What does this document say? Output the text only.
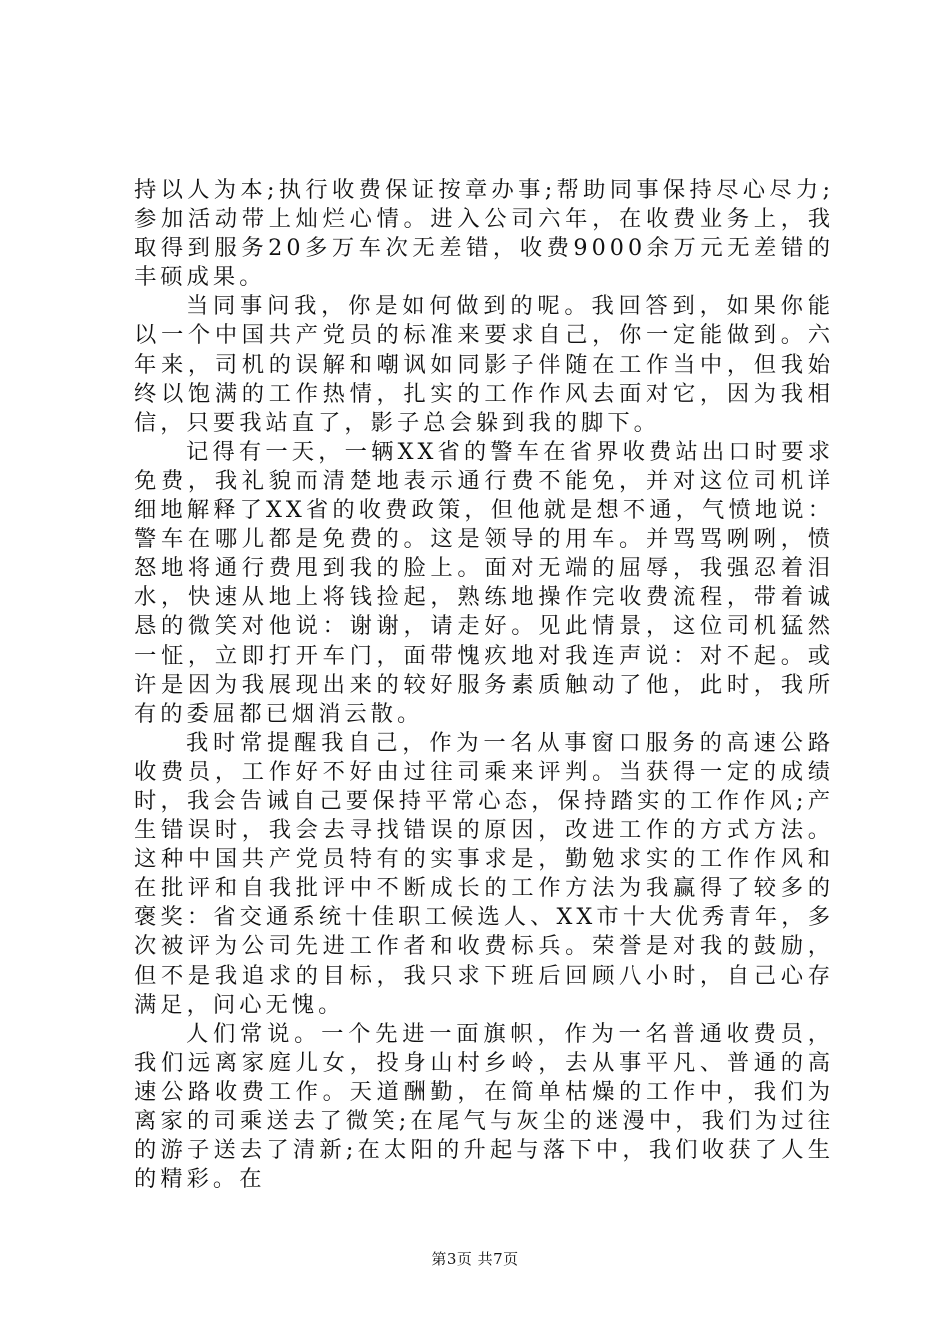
持以人为本;执行收费保证按章办事;帮助同事保持尽心尽力;参加活动带上灿烂心情。进入公司六年，在收费业务上，我取得到服务20多万车次无差错，收费9000余万元无差错的丰硕成果。

当同事问我，你是如何做到的呢。我回答到，如果你能以一个中国共产党员的标准来要求自己，你一定能做到。六年来，司机的误解和嘲讽如同影子伴随在工作当中，但我始终以饱满的工作热情，扎实的工作作风去面对它，因为我相信，只要我站直了，影子总会躲到我的脚下。

记得有一天，一辆XX省的警车在省界收费站出口时要求免费，我礼貌而清楚地表示通行费不能免，并对这位司机详细地解释了XX省的收费政策，但他就是想不通，气愤地说：警车在哪儿都是免费的。这是领导的用车。并骂骂咧咧，愤怒地将通行费甩到我的脸上。面对无端的屈辱，我强忍着泪水，快速从地上将钱捡起，熟练地操作完收费流程，带着诚恳的微笑对他说：谢谢，请走好。见此情景，这位司机猛然一怔，立即打开车门，面带愧疚地对我连声说：对不起。或许是因为我展现出来的较好服务素质触动了他，此时，我所有的委屈都已烟消云散。

我时常提醒我自己，作为一名从事窗口服务的高速公路收费员，工作好不好由过往司乘来评判。当获得一定的成绩时，我会告诫自己要保持平常心态，保持踏实的工作作风;产生错误时，我会去寻找错误的原因，改进工作的方式方法。这种中国共产党员特有的实事求是，勤勉求实的工作作风和在批评和自我批评中不断成长的工作方法为我赢得了较多的褒奖：省交通系统十佳职工候选人、XX市十大优秀青年，多次被评为公司先进工作者和收费标兵。荣誉是对我的鼓励，但不是我追求的目标，我只求下班后回顾八小时，自己心存满足，问心无愧。

人们常说。一个先进一面旗帜，作为一名普通收费员，我们远离家庭儿女，投身山村乡岭，去从事平凡、普通的高速公路收费工作。天道酬勤，在简单枯燥的工作中，我们为离家的司乘送去了微笑;在尾气与灰尘的迷漫中，我们为过往的游子送去了清新;在太阳的升起与落下中，我们收获了人生的精彩。在

第3页 共7页
